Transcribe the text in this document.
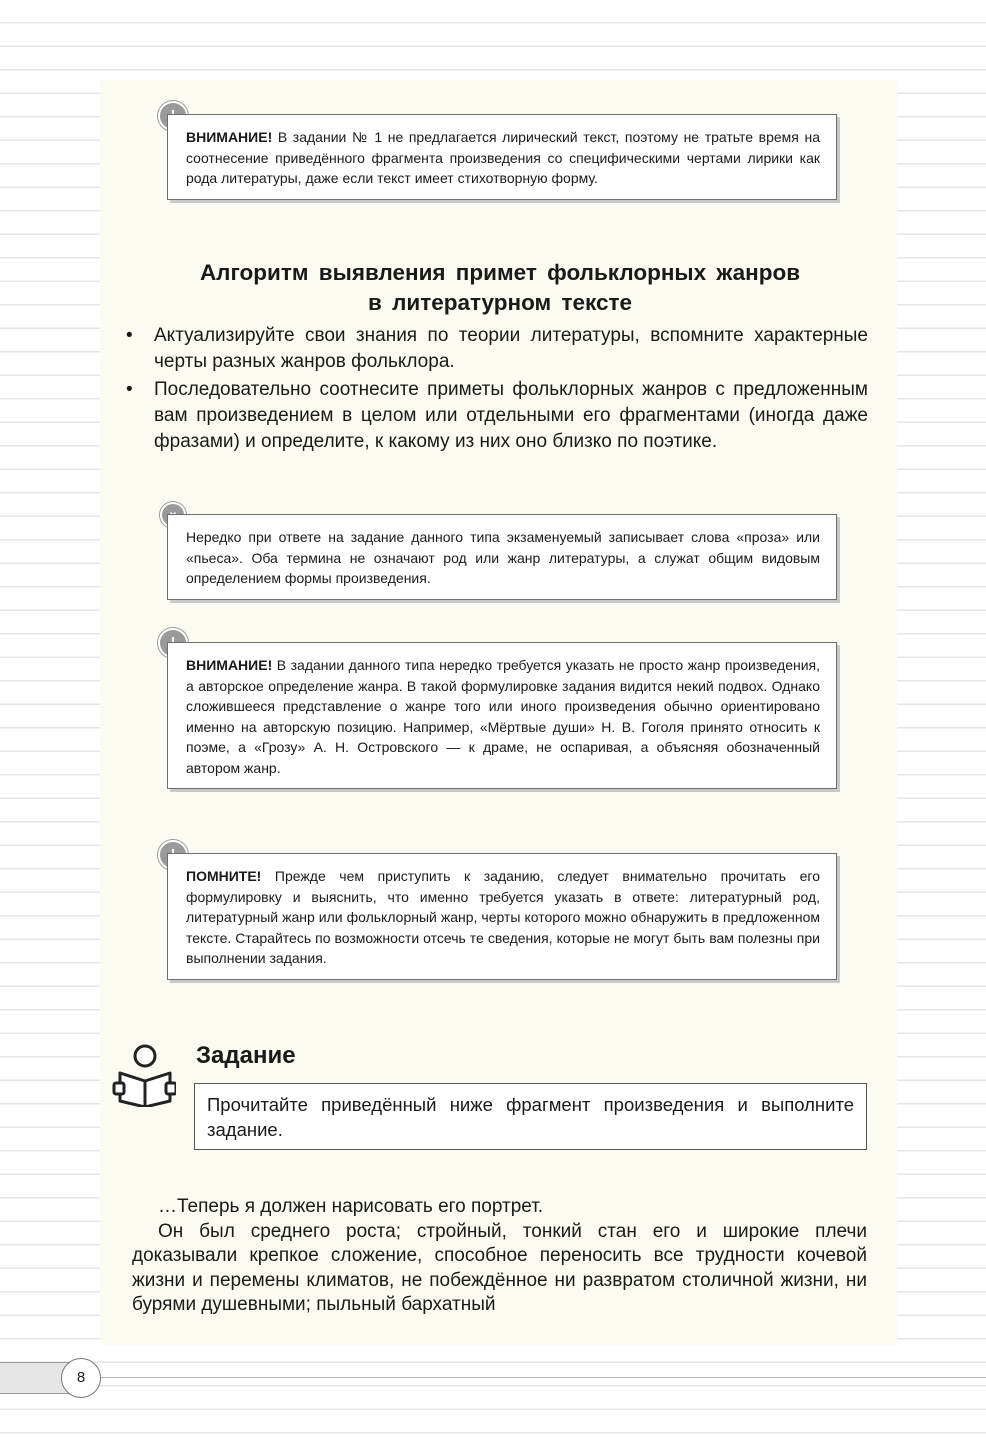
ВНИМАНИЕ! В задании № 1 не предлагается лирический текст, поэтому не тратьте время на соотнесение приведённого фрагмента произведения со специфическими чертами лирики как рода литературы, даже если текст имеет стихотворную форму.
Алгоритм выявления примет фольклорных жанров
в литературном тексте
• Актуализируйте свои знания по теории литературы, вспомните характерные черты разных жанров фольклора.
• Последовательно соотнесите приметы фольклорных жанров с предложенным вам произведением в целом или отдельными его фрагментами (иногда даже фразами) и определите, к какому из них оно близко по поэтике.
Нередко при ответе на задание данного типа экзаменуемый записывает слова «проза» или «пьеса». Оба термина не означают род или жанр литературы, а служат общим видовым определением формы произведения.
ВНИМАНИЕ! В задании данного типа нередко требуется указать не просто жанр произведения, а авторское определение жанра. В такой формулировке задания видится некий подвох. Однако сложившееся представление о жанре того или иного произведения обычно ориентировано именно на авторскую позицию. Например, «Мёртвые души» Н. В. Гоголя принято относить к поэме, а «Грозу» А. Н. Островского — к драме, не оспаривая, а объясняя обозначенный автором жанр.
ПОМНИТЕ! Прежде чем приступить к заданию, следует внимательно прочитать его формулировку и выяснить, что именно требуется указать в ответе: литературный род, литературный жанр или фольклорный жанр, черты которого можно обнаружить в предложенном тексте. Старайтесь по возможности отсечь те сведения, которые не могут быть вам полезны при выполнении задания.
Задание
Прочитайте приведённый ниже фрагмент произведения и выполните задание.

…Теперь я должен нарисовать его портрет.

Он был среднего роста; стройный, тонкий стан его и широкие плечи доказывали крепкое сложение, способное переносить все трудности кочевой жизни и перемены климатов, не побеждённое ни развратом столичной жизни, ни бурями душевными; пыльный бархатный

8
